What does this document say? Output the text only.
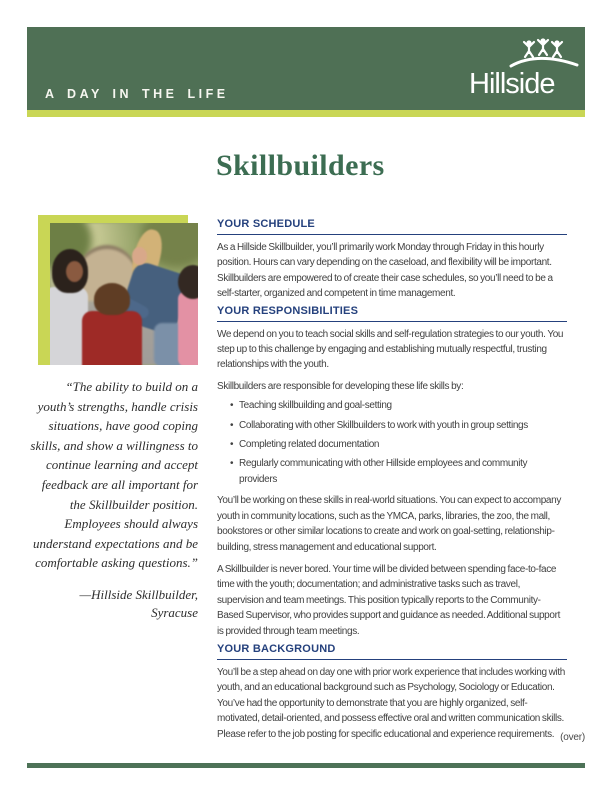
A DAY IN THE LIFE	Hillside
Skillbuilders
“The ability to build on a youth’s strengths, handle crisis situations, have good coping skills, and show a willingness to continue learning and accept feedback are all important for the Skillbuilder position. Employees should always understand expectations and be comfortable asking questions.”
—Hillside Skillbuilder,
Syracuse
YOUR SCHEDULE

As a Hillside Skillbuilder, you’ll primarily work Monday through Friday in this hourly position. Hours can vary depending on the caseload, and flexibility will be important. Skillbuilders are empowered to of create their case schedules, so you’ll need to be a self-starter, organized and competent in time management.

YOUR RESPONSIBILITIES

We depend on you to teach social skills and self-regulation strategies to our youth. You step up to this challenge by engaging and establishing mutually respectful, trusting relationships with the youth.

Skillbuilders are responsible for developing these life skills by:

• Teaching skillbuilding and goal-setting
• Collaborating with other Skillbuilders to work with youth in group settings
• Completing related documentation
• Regularly communicating with other Hillside employees and community providers

You’ll be working on these skills in real-world situations. You can expect to accompany youth in community locations, such as the YMCA, parks, libraries, the zoo, the mall, bookstores or other similar locations to create and work on goal-setting, relationship-building, stress management and educational support.

A Skillbuilder is never bored. Your time will be divided between spending face-to-face time with the youth; documentation; and administrative tasks such as travel, supervision and team meetings. This position typically reports to the Community-Based Supervisor, who provides support and guidance as needed. Additional support is provided through team meetings.

YOUR BACKGROUND

You’ll be a step ahead on day one with prior work experience that includes working with youth, and an educational background such as Psychology, Sociology or Education. You’ve had the opportunity to demonstrate that you are highly organized, self-motivated, detail-oriented, and possess effective oral and written communication skills. Please refer to the job posting for specific educational and experience requirements. (over)
